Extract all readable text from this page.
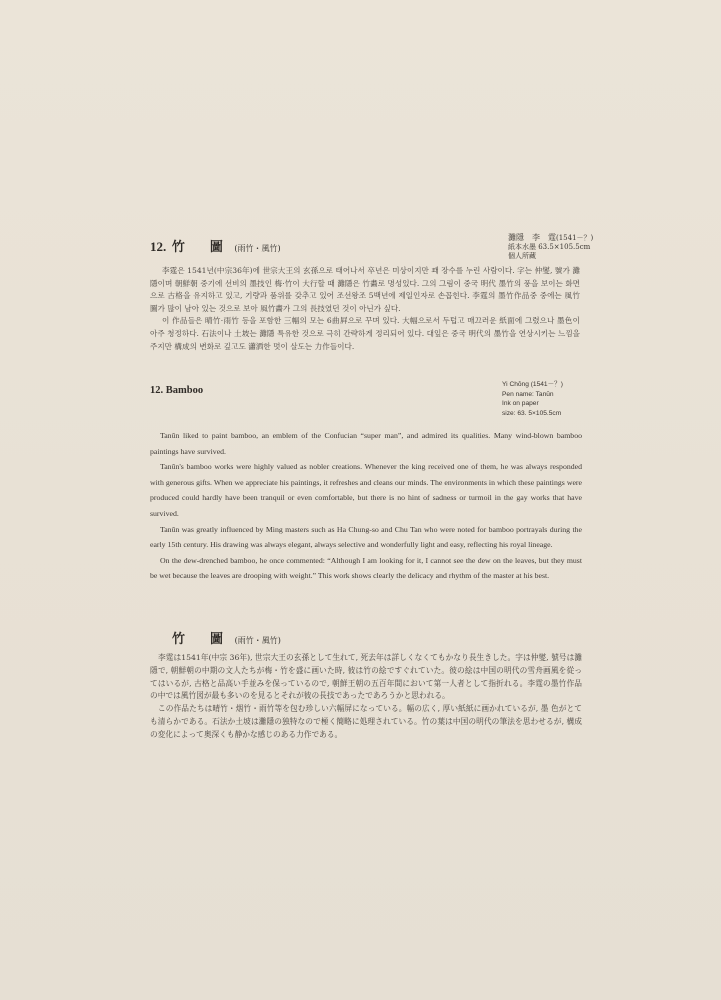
12. 竹　圖 (雨竹・風竹)
灘隱　李　霆(1541－？)
紙本水墨 63.5×105.5cm
個人所藏

李霆은 1541년(中宗36年)에 世宗大王의 玄孫으로 태어나서 卒년은 미상이지만 꽤 장수를 누린 사람이다. 字는 仲燮, 號가 灘隱이며 朝鮮朝 중기에 선비의 墨技인 梅·竹이 大行할 때 灘隱은 竹畵로 명성있다. 그의 그림이 중국 明代 墨竹의 풍을 보이는 화면으로 古格을 유지하고 있고, 기량과 품위를 갖추고 있어 조선왕조 5백년에 제일인자로 손꼽힌다. 李霆의 墨竹作品중 중에는 風竹圖가 많이 남아 있는 것으로 보아 風竹畵가 그의 長技였던 것이 아닌가 싶다.

이 作品들은 晴竹·雨竹 등을 포함한 三幅의 모는 6曲屛으로 꾸며 있다. 大幅으로서 두텁고 매끄러운 紙面에 그렸으나 墨色이 아주 청정하다. 石法이나 土坡는 灘隱 특유한 것으로 극히 간략하게 정리되어 있다. 대잎은 중국 明代의 墨竹을 연상시키는 느낌을 주지만 構成의 변화로 깊고도 瀟洒한 멋이 살도는 力作들이다.

12. Bamboo
Yi Chŏng (1541－？)
Pen name: Tanŭn
Ink on paper
size: 63. 5×105.5cm

Tanŭn liked to paint bamboo, an emblem of the Confucian “super man”, and admired its qualities. Many wind-blown bamboo paintings have survived.

Tanŭn's bamboo works were highly valued as nobler creations. Whenever the king received one of them, he was always responded with generous gifts. When we appreciate his paintings, it refreshes and cleans our minds. The environments in which these paintings were produced could hardly have been tranquil or even comfortable, but there is no hint of sadness or turmoil in the gay works that have survived.

Tanŭn was greatly influenced by Ming masters such as Ha Chung-so and Chu Tan who were noted for bamboo portrayals during the early 15th century. His drawing was always elegant, always selective and wonderfully light and easy, reflecting his royal lineage.

On the dew-drenched bamboo, he once commented: “Although I am looking for it, I cannot see the dew on the leaves, but they must be wet because the leaves are drooping with weight.” This work shows clearly the delicacy and rhythm of the master at his best.

竹　圖 (雨竹・風竹)

李霆は1541年(中宗 36年), 世宗大王の玄孫として生れて, 死去年は詳しくなくてもかなり長生きした。字は仲燮, 號号は灘隱で, 朝鮮朝の中期の文人たちが梅・竹を盛に画いた時, 彼は竹の絵ですぐれていた。彼の絵は中国の明代の雪舟画風を從ってはいるが, 古格と品高い手並みを保っているので, 朝鮮王朝の五百年間において第一人者として指折れる。李霆の墨竹作品の中では風竹図が最も多いのを見るとそれが彼の長技であったであろうかと思われる。

この作品たちは晴竹・烟竹・雨竹等を包む珍しい六幅屏になっている。幅の広く, 厚い紙紙に画かれているが, 墨 色がとても清らかである。石法か土坡は灘隱の独特なので極く簡略に処理されている。竹の葉は中国の明代の筆法を思わせるが, 構成の変化によって奥深くも静かな感じのある力作である。
